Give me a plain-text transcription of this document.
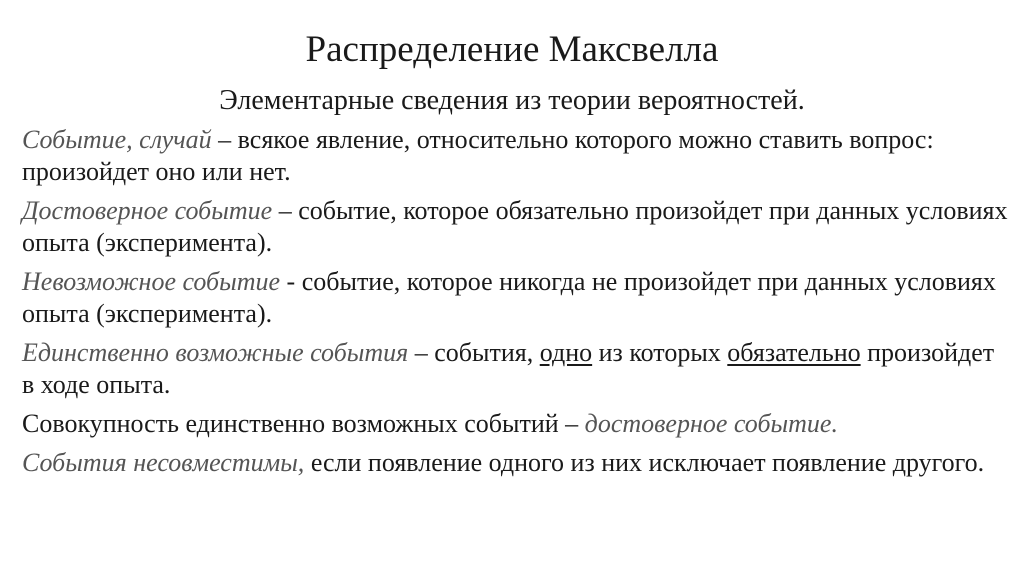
Распределение Максвелла
Элементарные сведения из теории вероятностей.

Событие, случай – всякое явление, относительно которого можно ставить вопрос: произойдет оно или нет.

Достоверное событие – событие, которое обязательно произойдет при данных условиях опыта (эксперимента).

Невозможное событие - событие, которое никогда не произойдет при данных условиях опыта (эксперимента).

Единственно возможные события – события, одно из которых обязательно произойдет в ходе опыта.

Совокупность единственно возможных событий – достоверное событие.

События несовместимы, если появление одного из них исключает появление другого.
